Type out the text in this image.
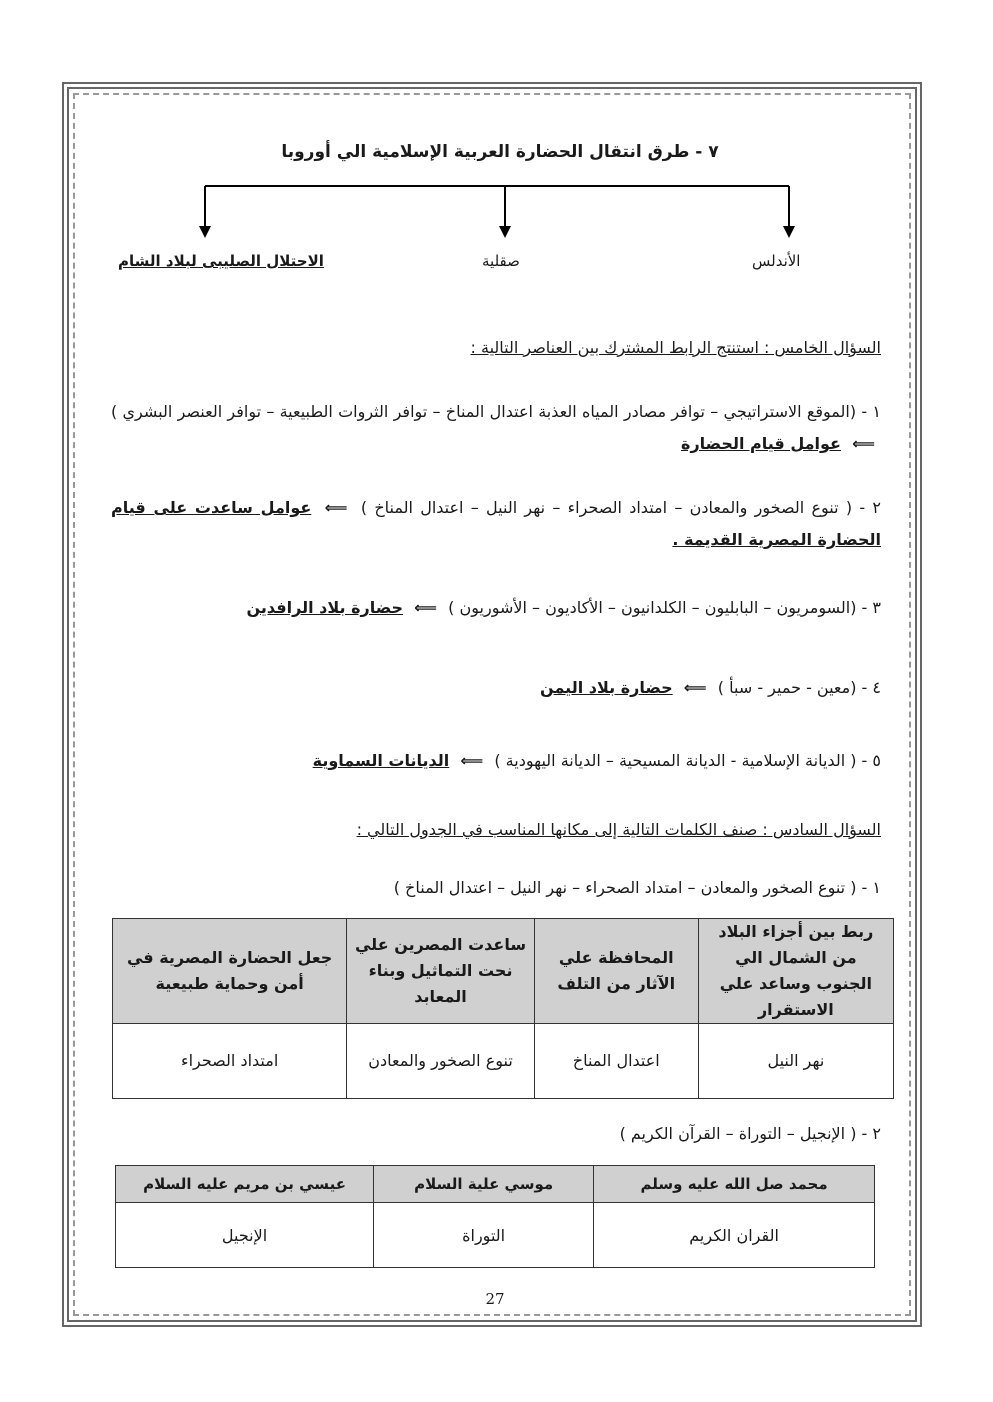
٧ - طرق انتقال الحضارة العربية الإسلامية الي أوروبا
الأندلس
صقلية
الاحتلال الصليبى لبلاد الشام
السؤال الخامس : استنتج الرابط المشترك بين العناصر التالية :
١ - (الموقع الاستراتيجي – توافر مصادر المياه العذبة اعتدال المناخ – توافر الثروات الطبيعية – توافر العنصر البشري ) ⟸ عوامل قيام الحضارة
٢ - ( تنوع الصخور والمعادن – امتداد الصحراء – نهر النيل – اعتدال المناخ ) ⟸ عوامل ساعدت على قيام الحضارة المصرية القديمة .
٣ - (السومريون – البابليون – الكلدانيون – الأكاديون – الأشوريون ) ⟸ حضارة بلاد الرافدين
٤ - (معين - حمير - سبأ ) ⟸ حضارة بلاد اليمن
٥ - ( الديانة الإسلامية - الديانة المسيحية – الديانة اليهودية ) ⟸ الديانات السماوية
السؤال السادس : صنف الكلمات التالية إلى مكانها المناسب في الجدول التالي :
١ - ( تنوع الصخور والمعادن – امتداد الصحراء – نهر النيل – اعتدال المناخ )
ربط بين أجزاء البلاد من الشمال الي الجنوب وساعد علي الاستقرار	المحافظة علي الآثار من التلف	ساعدت المصرين علي نحت التماثيل وبناء المعابد	جعل الحضارة المصرية في أمن وحماية طبيعية
نهر النيل	اعتدال المناخ	تنوع الصخور والمعادن	امتداد الصحراء
٢ - ( الإنجيل – التوراة – القرآن الكريم )
محمد صل الله عليه وسلم	موسي علية السلام	عيسي بن مريم عليه السلام
القران الكريم	التوراة	الإنجيل
27
